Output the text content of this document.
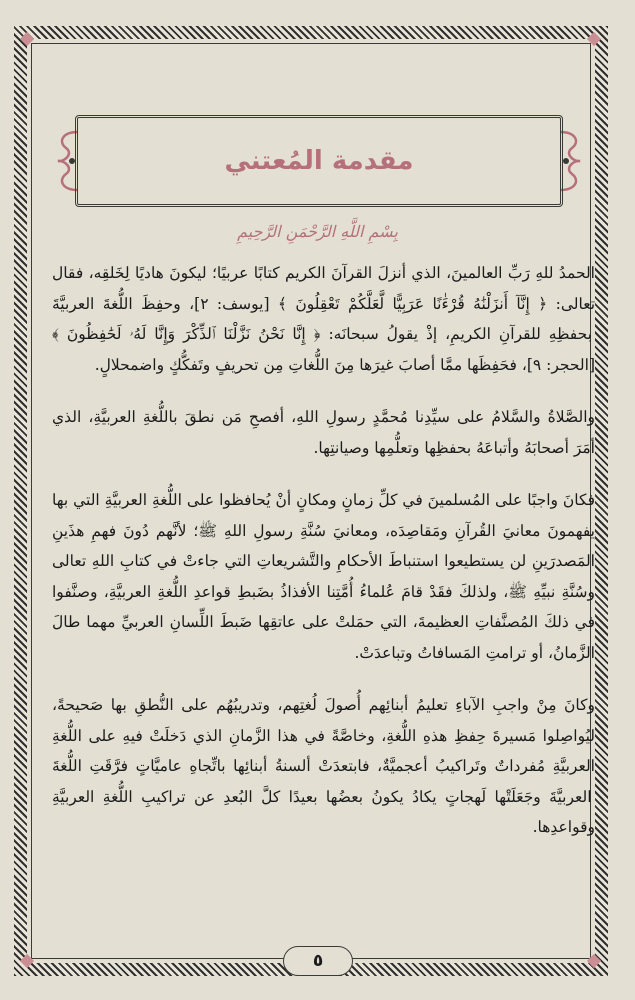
مقدمة المُعتني
بِسْمِ اللَّهِ الرَّحْمَنِ الرَّحِيمِ

الحمدُ للهِ رَبِّ العالمينَ، الذي أنزلَ القرآنَ الكريم كتابًا عربيًا؛ ليكونَ هاديًا لِخَلقِه، فقال تعالى: ﴿ إِنَّآ أَنزَلْنَٰهُ قُرْءَٰنًا عَرَبِيًّا لَّعَلَّكُمْ تَعْقِلُونَ ﴾ [يوسف: ٢]، وحفِظَ اللُّغةَ العربيَّةَ بحفظِهِ للقرآنِ الكريمِ، إذْ يقولُ سبحانَه: ﴿ إِنَّا نَحْنُ نَزَّلْنَا ٱلذِّكْرَ وَإِنَّا لَهُۥ لَحَٰفِظُونَ ﴾ [الحجر: ٩]، فحَفِظَها ممَّا أصابَ غيرَها مِنَ اللُّغاتِ مِن تحريفٍ وتَفكُّكٍ واضمحلالٍ.

والصَّلاةُ والسَّلامُ على سيِّدِنا مُحمَّدٍ رسولِ اللهِ، أفصحِ مَن نطقَ باللُّغةِ العربيَّةِ، الذي أمَرَ أصحابَهُ وأتباعَهُ بحفظِها وتعلُّمِها وصيانتِها.

فكانَ واجبًا على المُسلمينَ في كلِّ زمانٍ ومكانٍ أنْ يُحافظوا على اللُّغةِ العربيَّةِ التي بها يفهمونَ معانيَ القُرآنِ ومَقاصِدَه، ومعانيَ سُنَّةِ رسولِ اللهِ ﷺ؛ لأنَّهم دُونَ فهمِ هذَينِ المَصدرَينِ لن يستطيعوا استنباطَ الأحكامِ والتَّشريعاتِ التي جاءتْ في كتابِ اللهِ تعالى وسُنَّةِ نبيِّهِ ﷺ، ولذلكَ فقَدْ قامَ عُلماءُ أُمَّتِنا الأفذاذُ بضَبطِ قواعدِ اللُّغةِ العربيَّةِ، وصنَّفوا في ذلكَ المُصنَّفاتِ العظيمةَ، التي حمَلتْ على عاتقِها ضَبطَ اللِّسانِ العربيِّ مهما طالَ الزَّمانُ، أو ترامتِ المَسافاتُ وتباعدَتْ.

وكانَ مِنْ واجبِ الآباءِ تعليمُ أبنائِهم أُصولَ لُغتِهم، وتدريبُهُم على النُّطقِ بها صَحيحةً، ليُواصِلوا مَسيرةَ حِفظِ هذهِ اللُّغةِ، وخاصَّةً في هذا الزَّمانِ الذي دَخلَتْ فيهِ على اللُّغةِ العربيَّةِ مُفرداتٌ وتَراكيبُ أعجميَّةٌ، فابتعدَتْ ألسنةُ أبنائِها باتِّجاهِ عاميَّاتٍ فرَّقَتِ اللُّغةَ العربيَّةَ وجَعَلَتْها لَهجاتٍ يكادُ يكونُ بعضُها بعيدًا كلَّ البُعدِ عن تراكيبِ اللُّغةِ العربيَّةِ وقواعدِها.

٥
